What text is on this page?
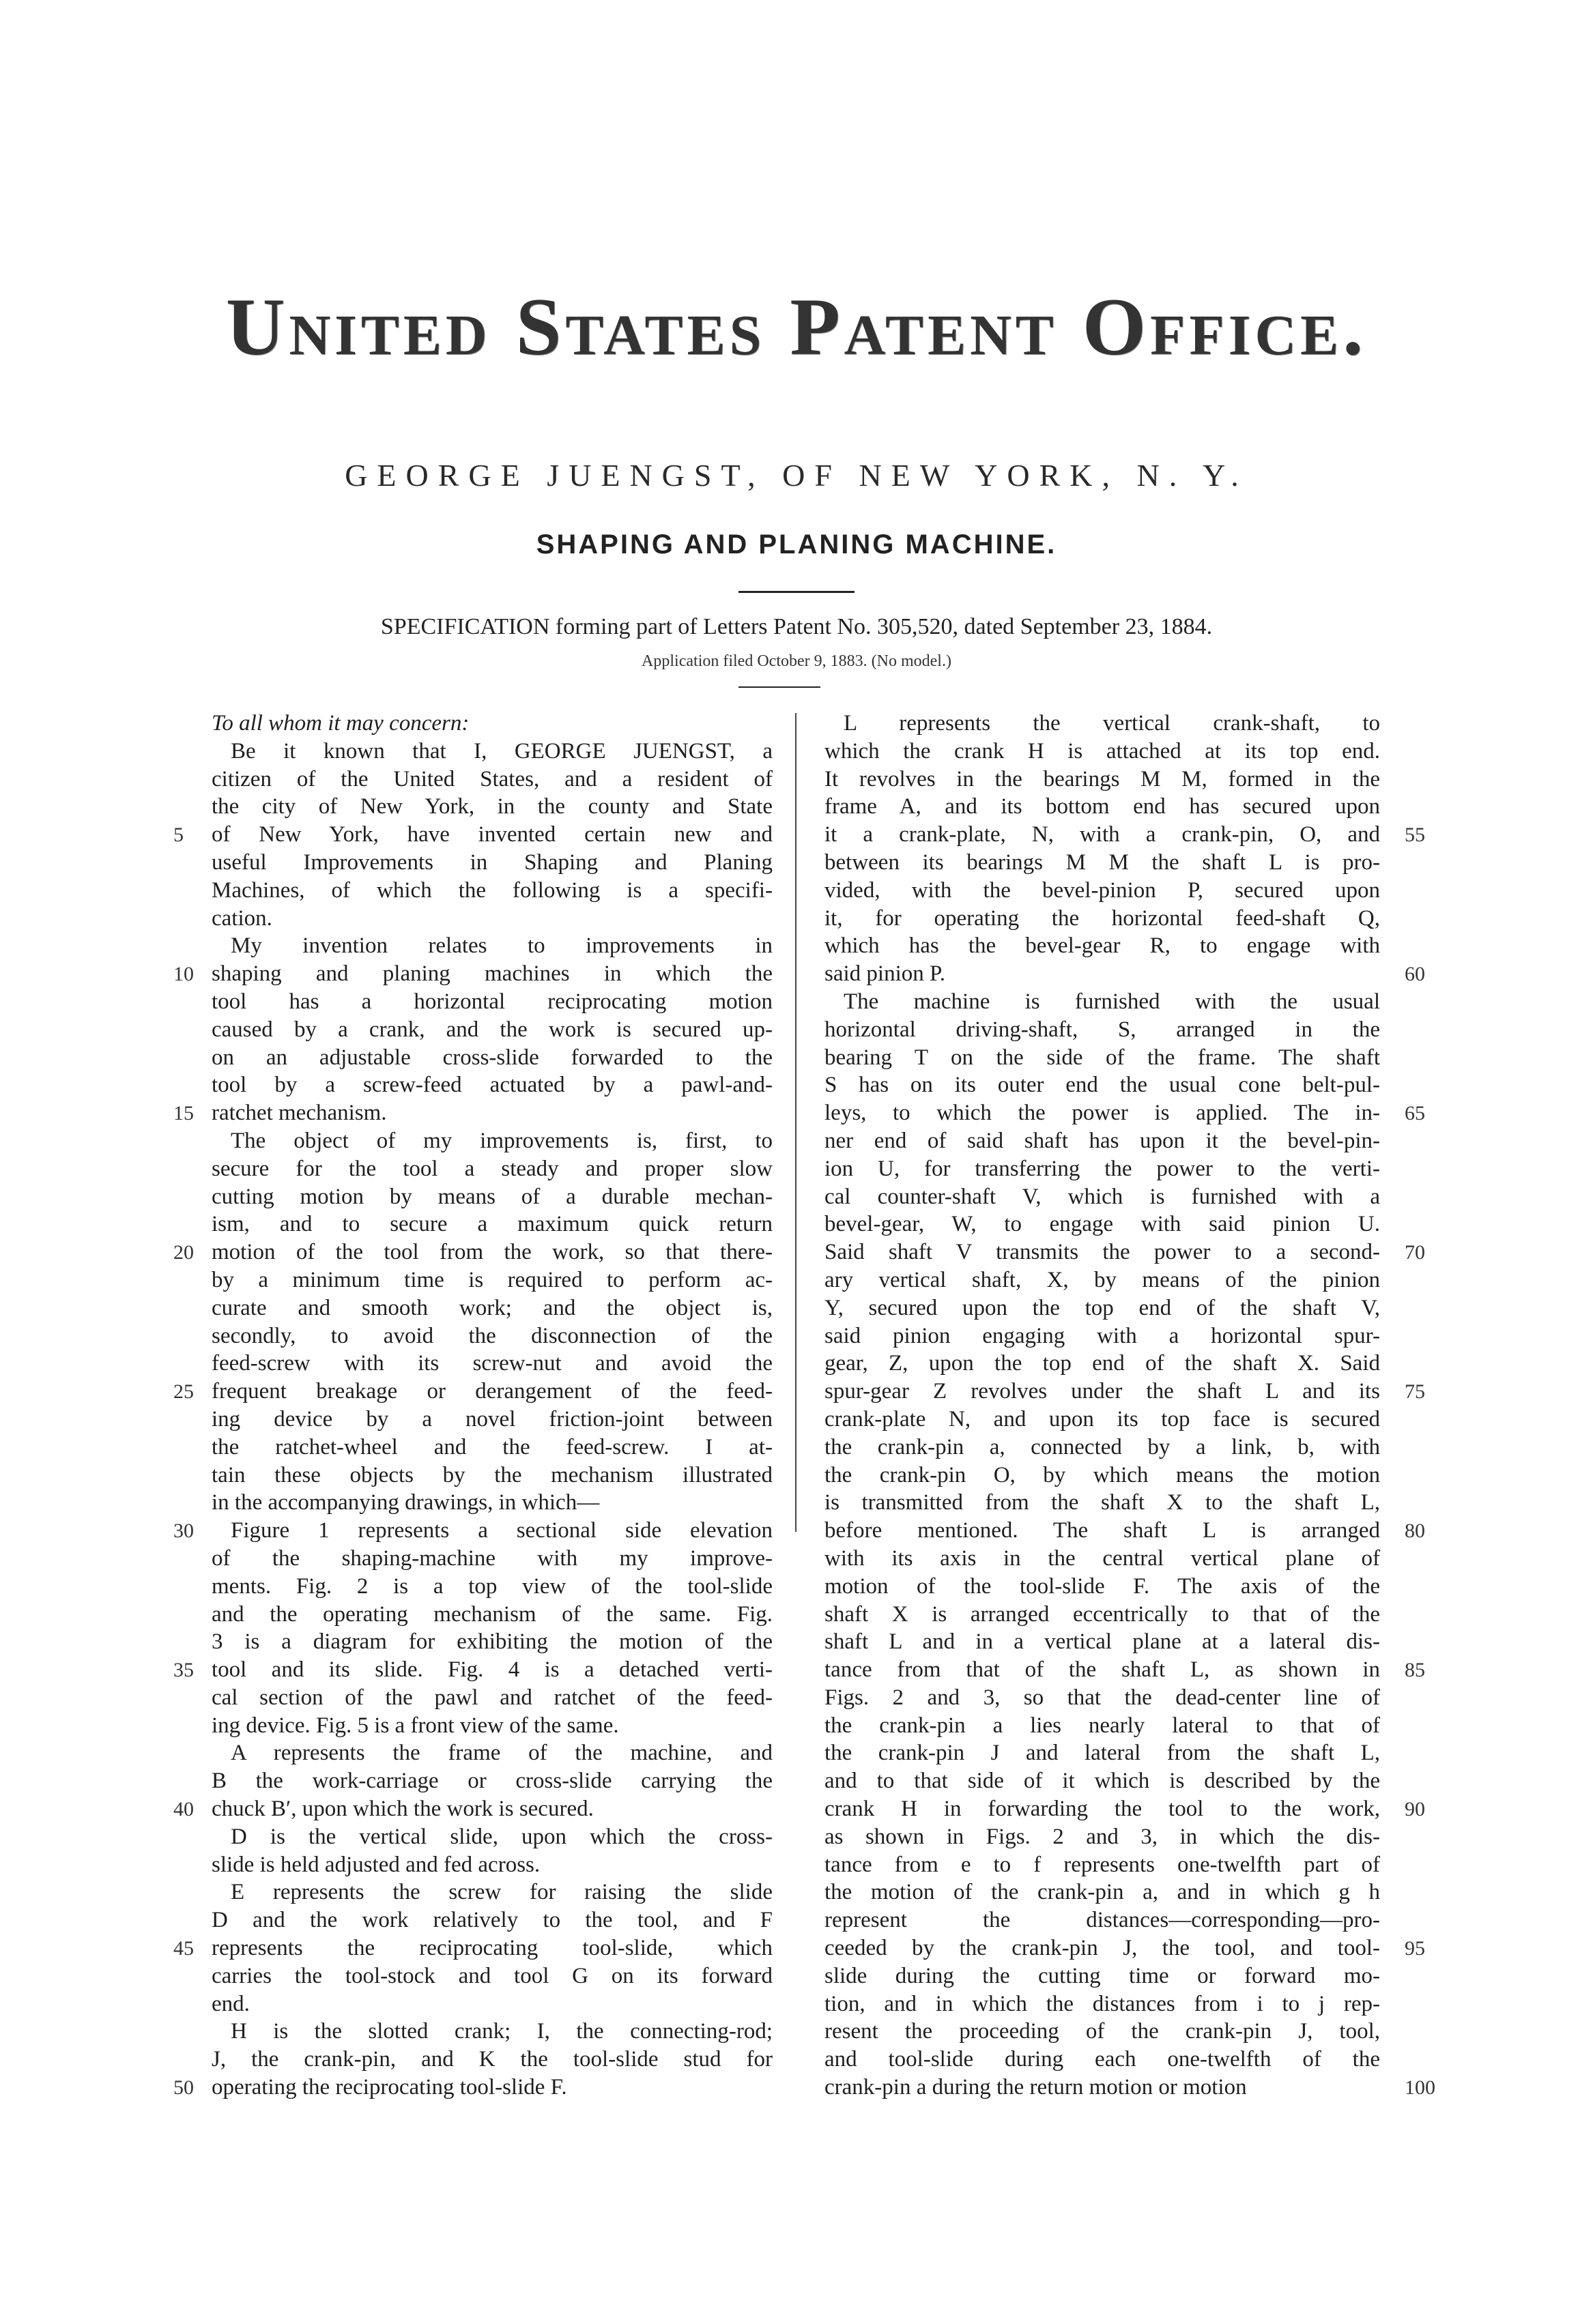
United States Patent Office.
GEORGE JUENGST, OF NEW YORK, N. Y.
SHAPING AND PLANING MACHINE.
SPECIFICATION forming part of Letters Patent No. 305,520, dated September 23, 1884.
Application filed October 9, 1883. (No model.)
To all whom it may concern:
Be it known that I, GEORGE JUENGST, a
citizen of the United States, and a resident of
the city of New York, in the county and State
of New York, have invented certain new and
useful Improvements in Shaping and Planing
Machines, of which the following is a specifi-
cation.
My invention relates to improvements in
shaping and planing machines in which the
tool has a horizontal reciprocating motion
caused by a crank, and the work is secured up-
on an adjustable cross-slide forwarded to the
tool by a screw-feed actuated by a pawl-and-
ratchet mechanism.
The object of my improvements is, first, to
secure for the tool a steady and proper slow
cutting motion by means of a durable mechan-
ism, and to secure a maximum quick return
motion of the tool from the work, so that there-
by a minimum time is required to perform ac-
curate and smooth work; and the object is,
secondly, to avoid the disconnection of the
feed-screw with its screw-nut and avoid the
frequent breakage or derangement of the feed-
ing device by a novel friction-joint between
the ratchet-wheel and the feed-screw. I at-
tain these objects by the mechanism illustrated
in the accompanying drawings, in which—
Figure 1 represents a sectional side elevation
of the shaping-machine with my improve-
ments. Fig. 2 is a top view of the tool-slide
and the operating mechanism of the same. Fig.
3 is a diagram for exhibiting the motion of the
tool and its slide. Fig. 4 is a detached verti-
cal section of the pawl and ratchet of the feed-
ing device. Fig. 5 is a front view of the same.
A represents the frame of the machine, and
B the work-carriage or cross-slide carrying the
chuck B′, upon which the work is secured.
D is the vertical slide, upon which the cross-
slide is held adjusted and fed across.
E represents the screw for raising the slide
D and the work relatively to the tool, and F
represents the reciprocating tool-slide, which
carries the tool-stock and tool G on its forward
end.
H is the slotted crank; I, the connecting-rod;
J, the crank-pin, and K the tool-slide stud for
operating the reciprocating tool-slide F.
L represents the vertical crank-shaft, to
which the crank H is attached at its top end.
It revolves in the bearings M M, formed in the
frame A, and its bottom end has secured upon
it a crank-plate, N, with a crank-pin, O, and
between its bearings M M the shaft L is pro-
vided, with the bevel-pinion P, secured upon
it, for operating the horizontal feed-shaft Q,
which has the bevel-gear R, to engage with
said pinion P.
The machine is furnished with the usual
horizontal driving-shaft, S, arranged in the
bearing T on the side of the frame. The shaft
S has on its outer end the usual cone belt-pul-
leys, to which the power is applied. The in-
ner end of said shaft has upon it the bevel-pin-
ion U, for transferring the power to the verti-
cal counter-shaft V, which is furnished with a
bevel-gear, W, to engage with said pinion U.
Said shaft V transmits the power to a second-
ary vertical shaft, X, by means of the pinion
Y, secured upon the top end of the shaft V,
said pinion engaging with a horizontal spur-
gear, Z, upon the top end of the shaft X. Said
spur-gear Z revolves under the shaft L and its
crank-plate N, and upon its top face is secured
the crank-pin a, connected by a link, b, with
the crank-pin O, by which means the motion
is transmitted from the shaft X to the shaft L,
before mentioned. The shaft L is arranged
with its axis in the central vertical plane of
motion of the tool-slide F. The axis of the
shaft X is arranged eccentrically to that of the
shaft L and in a vertical plane at a lateral dis-
tance from that of the shaft L, as shown in
Figs. 2 and 3, so that the dead-center line of
the crank-pin a lies nearly lateral to that of
the crank-pin J and lateral from the shaft L,
and to that side of it which is described by the
crank H in forwarding the tool to the work,
as shown in Figs. 2 and 3, in which the dis-
tance from e to f represents one-twelfth part of
the motion of the crank-pin a, and in which g h
represent the distances—corresponding—pro-
ceeded by the crank-pin J, the tool, and tool-
slide during the cutting time or forward mo-
tion, and in which the distances from i to j rep-
resent the proceeding of the crank-pin J, tool,
and tool-slide during each one-twelfth of the
crank-pin a during the return motion or motion
5
10
15
20
25
30
35
40
45
50
55
60
65
70
75
80
85
90
95
100
